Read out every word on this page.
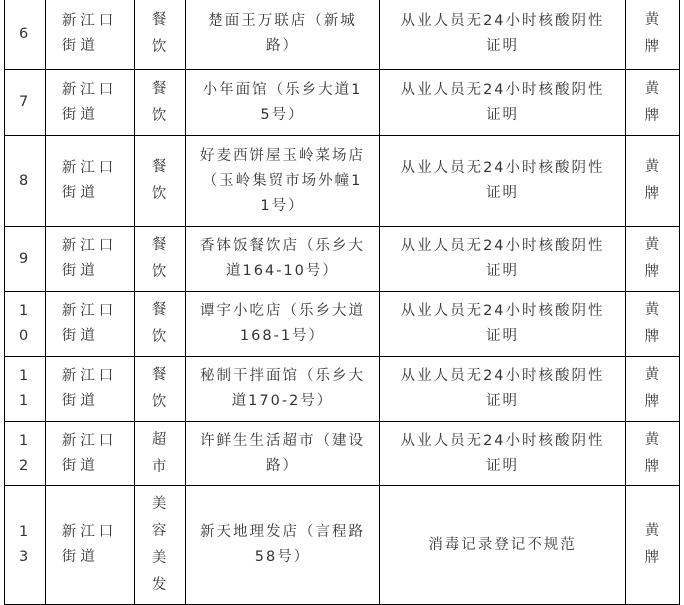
6	新江口街道	餐饮	楚面王万联店（新城路）	从业人员无24小时核酸阴性证明	黄牌

7	新江口街道	餐饮	小年面馆（乐乡大道15号）	从业人员无24小时核酸阴性证明	黄牌

8	新江口街道	餐饮	好麦西饼屋玉岭菜场店（玉岭集贸市场外幢11号）	从业人员无24小时核酸阴性证明	黄牌

9	新江口街道	餐饮	香钵饭餐饮店（乐乡大道164-10号）	从业人员无24小时核酸阴性证明	黄牌

10	新江口街道	餐饮	谭宇小吃店（乐乡大道168-1号）	从业人员无24小时核酸阴性证明	黄牌

11	新江口街道	餐饮	秘制干拌面馆（乐乡大道170-2号）	从业人员无24小时核酸阴性证明	黄牌

12	新江口街道	超市	许鲜生生活超市（建设路）	从业人员无24小时核酸阴性证明	黄牌

13	新江口街道	美容美发	新天地理发店（言程路58号）	消毒记录登记不规范	黄牌
